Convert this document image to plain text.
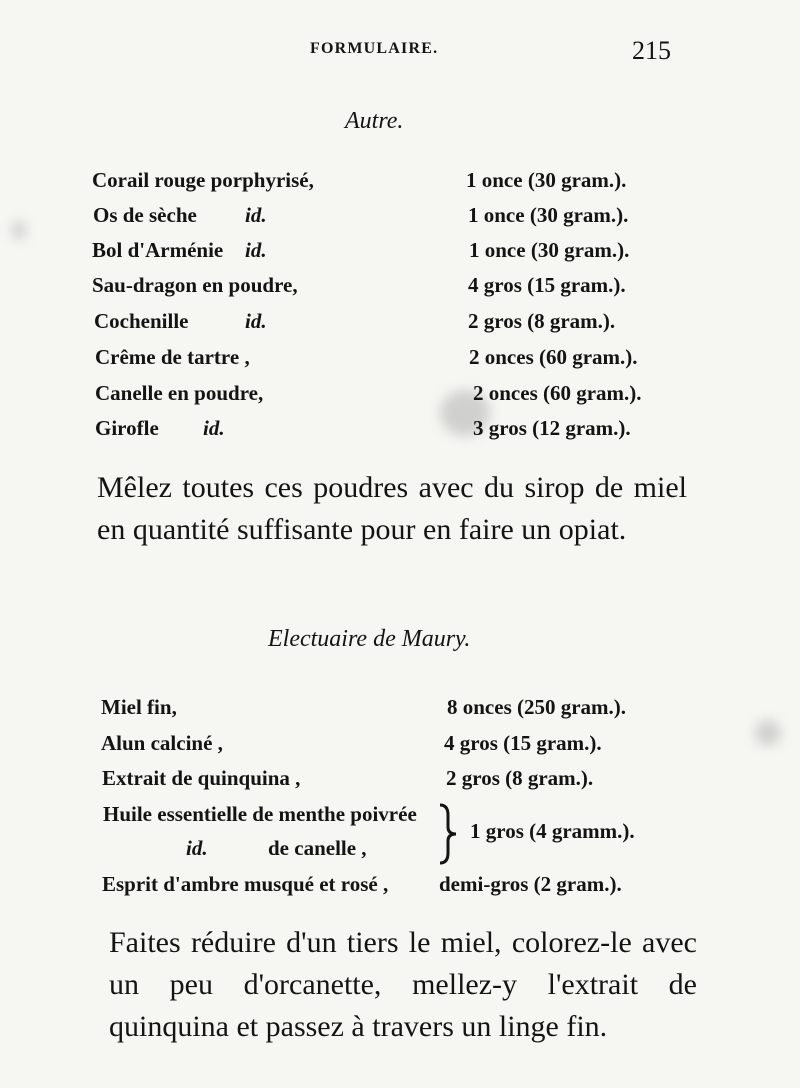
FORMULAIRE.	215
Autre.
Corail rouge porphyrisé,	1 once (30 gram.).
Os de sèche id.	1 once (30 gram.).
Bol d'Arménie id.	1 once (30 gram.).
Sau-dragon en poudre,	4 gros (15 gram.).
Cochenille	id.	2 gros (8 gram.).
Crême de tartre ,	2 onces (60 gram.).
Canelle en poudre,	2 onces (60 gram.).
Girofle id.	3 gros (12 gram.).
Mêlez toutes ces poudres avec du sirop de miel en quantité suffisante pour en faire un opiat.
Electuaire de Maury.
Miel fin,	8 onces (250 gram.).
Alun calciné ,	4 gros (15 gram.).
Extrait de quinquina ,	2 gros (8 gram.).
Huile essentielle de menthe poivrée
id.	de canelle ,
1 gros (4 gramm.).
Esprit d'ambre musqué et rosé , demi-gros (2 gram.).
Faites réduire d'un tiers le miel, colorez-le avec un peu d'orcanette, mellez-y l'extrait de quinquina et passez à travers un linge fin.
